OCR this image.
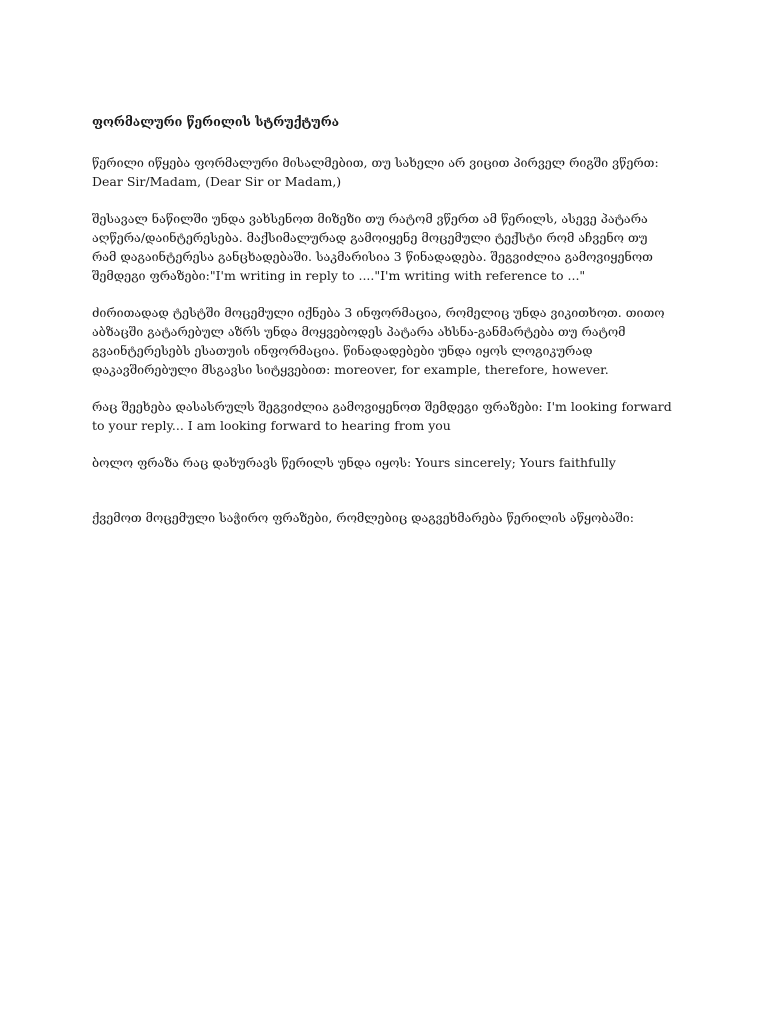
ფორმალური წერილის სტრუქტურა

წერილი იწყება ფორმალური მისალმებით, თუ სახელი არ ვიცით პირველ რიგში ვწერთ: Dear Sir/Madam, (Dear Sir or Madam,)

შესავალ ნაწილში უნდა ვახსენოთ მიზეზი თუ რატომ ვწერთ ამ წერილს, ასევე პატარა აღწერა/დაინტერესება. მაქსიმალურად გამოიყენე მოცემული ტექსტი რომ აჩვენო თუ რამ დაგაინტერესა განცხადებაში. საკმარისია 3 წინადადება. შეგვიძლია გამოვიყენოთ შემდეგი ფრაზები:"I'm writing in reply to ...."I'm writing with reference to ..."

ძირითადად ტესტში მოცემული იქნება 3 ინფორმაცია, რომელიც უნდა ვიკითხოთ. თითო აბზაცში გატარებულ აზრს უნდა მოყვებოდეს პატარა ახსნა-განმარტება თუ რატომ გვაინტერესებს ესათუის ინფორმაცია. წინადადებები უნდა იყოს ლოგიკურად დაკავშირებული მსგავსი სიტყვებით: moreover, for example, therefore, however.

რაც შეეხება დასასრულს შეგვიძლია გამოვიყენოთ შემდეგი ფრაზები: I'm looking forward to your reply... I am looking forward to hearing from you

ბოლო ფრაზა რაც დახურავს წერილს უნდა იყოს: Yours sincerely; Yours faithfully

ქვემოთ მოცემული საჭირო ფრაზები, რომლებიც დაგვეხმარება წერილის აწყობაში:
